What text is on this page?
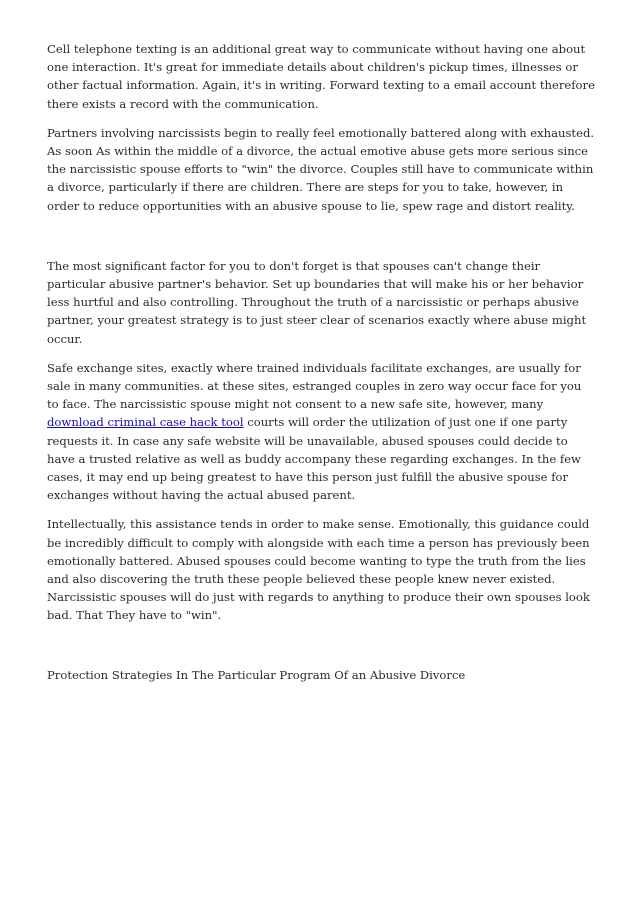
Cell telephone texting is an additional great way to communicate without having one about one interaction. It's great for immediate details about children's pickup times, illnesses or other factual information. Again, it's in writing. Forward texting to a email account therefore there exists a record with the communication.

Partners involving narcissists begin to really feel emotionally battered along with exhausted. As soon As within the middle of a divorce, the actual emotive abuse gets more serious since the narcissistic spouse efforts to "win" the divorce. Couples still have to communicate within a divorce, particularly if there are children. There are steps for you to take, however, in order to reduce opportunities with an abusive spouse to lie, spew rage and distort reality.

The most significant factor for you to don't forget is that spouses can't change their particular abusive partner's behavior. Set up boundaries that will make his or her behavior less hurtful and also controlling. Throughout the truth of a narcissistic or perhaps abusive partner, your greatest strategy is to just steer clear of scenarios exactly where abuse might occur.

Safe exchange sites, exactly where trained individuals facilitate exchanges, are usually for sale in many communities. at these sites, estranged couples in zero way occur face for you to face. The narcissistic spouse might not consent to a new safe site, however, many download criminal case hack tool courts will order the utilization of just one if one party requests it. In case any safe website will be unavailable, abused spouses could decide to have a trusted relative as well as buddy accompany these regarding exchanges. In the few cases, it may end up being greatest to have this person just fulfill the abusive spouse for exchanges without having the actual abused parent.

Intellectually, this assistance tends in order to make sense. Emotionally, this guidance could be incredibly difficult to comply with alongside with each time a person has previously been emotionally battered. Abused spouses could become wanting to type the truth from the lies and also discovering the truth these people believed these people knew never existed. Narcissistic spouses will do just with regards to anything to produce their own spouses look bad. That They have to "win".

Protection Strategies In The Particular Program Of an Abusive Divorce
